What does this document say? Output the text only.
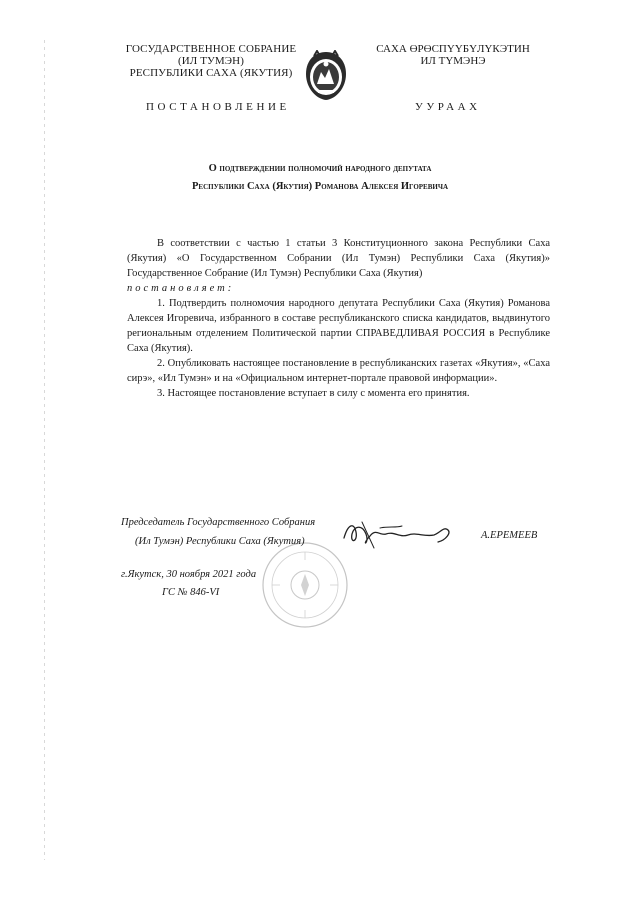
ГОСУДАРСТВЕННОЕ СОБРАНИЕ
(ИЛ ТУМЭН)
РЕСПУБЛИКИ САХА (ЯКУТИЯ)
САХА ӨРӨСПҮҮБҮЛҮКЭТИН
ИЛ ТҮМЭНЭ
ПОСТАНОВЛЕНИЕ	УУРААХ
О подтверждении полномочий народного депутата
Республики Саха (Якутия) Романова Алексея Игоревича

В соответствии с частью 1 статьи 3 Конституционного закона Республики Саха (Якутия) «О Государственном Собрании (Ил Тумэн) Республики Саха (Якутия)» Государственное Собрание (Ил Тумэн) Республики Саха (Якутия)

постановляет:

1. Подтвердить полномочия народного депутата Республики Саха (Якутия) Романова Алексея Игоревича, избранного в составе республиканского списка кандидатов, выдвинутого региональным отделением Политической партии СПРАВЕДЛИВАЯ РОССИЯ в Республике Саха (Якутия).

2. Опубликовать настоящее постановление в республиканских газетах «Якутия», «Саха сирэ», «Ил Тумэн» и на «Официальном интернет-портале правовой информации».

3. Настоящее постановление вступает в силу с момента его принятия.

Председатель Государственного Собрания
(Ил Тумэн) Республики Саха (Якутия)
А.ЕРЕМЕЕВ
г.Якутск, 30 ноября 2021 года
ГС № 846-VI
